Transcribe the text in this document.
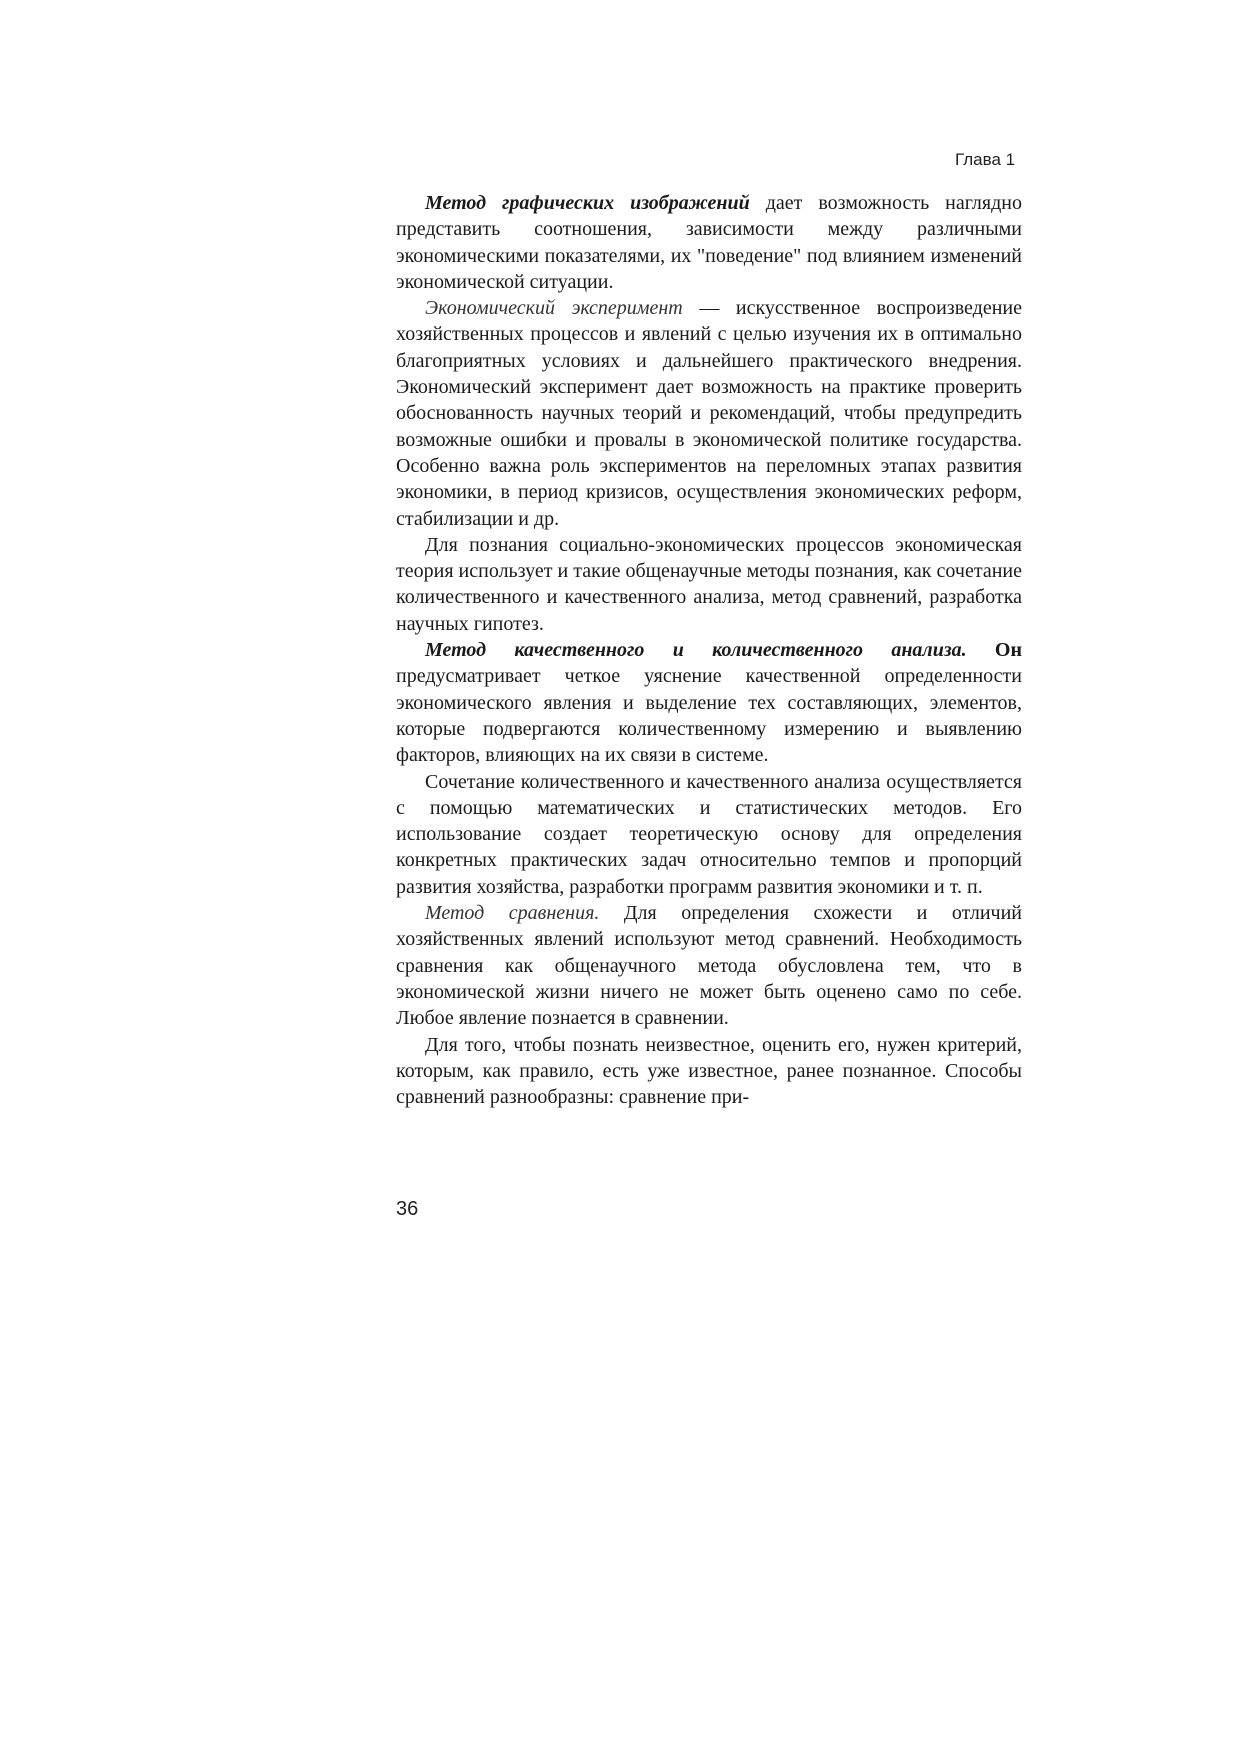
Глава 1

Метод графических изображений дает возможность наглядно представить соотношения, зависимости между различными экономическими показателями, их "поведение" под влиянием изменений экономической ситуации.

Экономический эксперимент — искусственное воспроизведение хозяйственных процессов и явлений с целью изучения их в оптимально благоприятных условиях и дальнейшего практического внедрения. Экономический эксперимент дает возможность на практике проверить обоснованность научных теорий и рекомендаций, чтобы предупредить возможные ошибки и провалы в экономической политике государства. Особенно важна роль экспериментов на переломных этапах развития экономики, в период кризисов, осуществления экономических реформ, стабилизации и др.

Для познания социально-экономических процессов экономическая теория использует и такие общенаучные методы познания, как сочетание количественного и качественного анализа, метод сравнений, разработка научных гипотез.

Метод качественного и количественного анализа. Он предусматривает четкое уяснение качественной определенности экономического явления и выделение тех составляющих, элементов, которые подвергаются количественному измерению и выявлению факторов, влияющих на их связи в системе.

Сочетание количественного и качественного анализа осуществляется с помощью математических и статистических методов. Его использование создает теоретическую основу для определения конкретных практических задач относительно темпов и пропорций развития хозяйства, разработки программ развития экономики и т. п.

Метод сравнения. Для определения схожести и отличий хозяйственных явлений используют метод сравнений. Необходимость сравнения как общенаучного метода обусловлена тем, что в экономической жизни ничего не может быть оценено само по себе. Любое явление познается в сравнении.

Для того, чтобы познать неизвестное, оценить его, нужен критерий, которым, как правило, есть уже известное, ранее познанное. Способы сравнений разнообразны: сравнение при-

36
